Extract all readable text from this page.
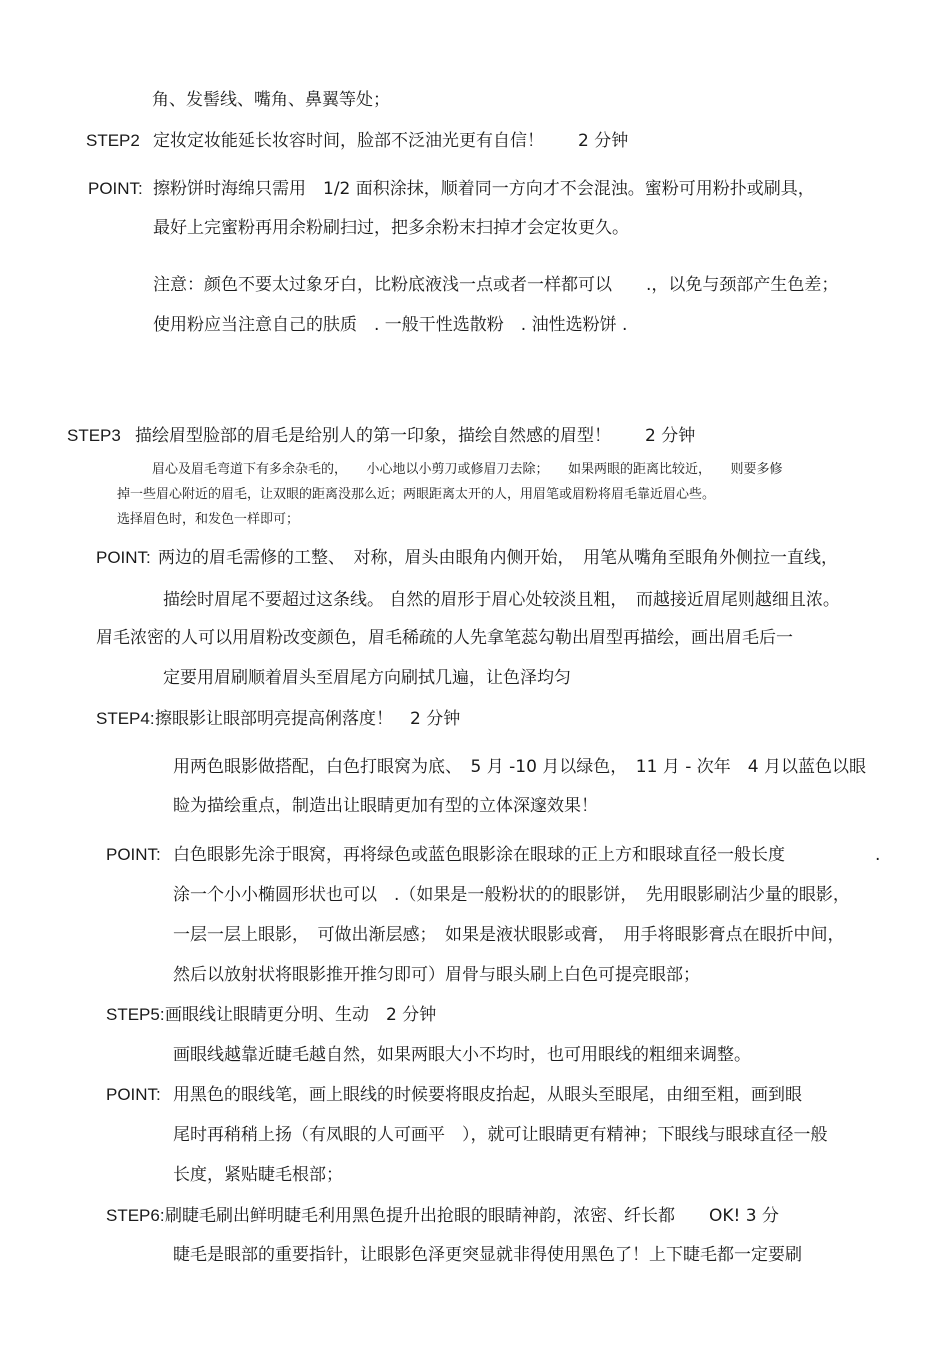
角、发髻线、嘴角、鼻翼等处；
STEP2 定妆定妆能延长妆容时间，脸部不泛油光更有自信！　　2 分钟
POINT: 擦粉饼时海绵只需用　1/2 面积涂抹，顺着同一方向才不会混浊。蜜粉可用粉扑或刷具，
最好上完蜜粉再用余粉刷扫过，把多余粉末扫掉才会定妆更久。
注意：颜色不要太过象牙白，比粉底液浅一点或者一样都可以　　.，以免与颈部产生色差；
使用粉应当注意自己的肤质　. 一般干性选散粉　. 油性选粉饼 .
STEP3 描绘眉型脸部的眉毛是给别人的第一印象，描绘自然感的眉型！　　2 分钟
眉心及眉毛弯道下有多余杂毛的，　　小心地以小剪刀或修眉刀去除；　　如果两眼的距离比较近，　　则要多修
掉一些眉心附近的眉毛，让双眼的距离没那么近；两眼距离太开的人，用眉笔或眉粉将眉毛靠近眉心些。
选择眉色时，和发色一样即可；
POINT: 两边的眉毛需修的工整、　对称，眉头由眼角内侧开始，　用笔从嘴角至眼角外侧拉一直线，
描绘时眉尾不要超过这条线。 自然的眉形于眉心处较淡且粗，　而越接近眉尾则越细且浓。
眉毛浓密的人可以用眉粉改变颜色，眉毛稀疏的人先拿笔蕊勾勒出眉型再描绘，画出眉毛后一
定要用眉刷顺着眉头至眉尾方向刷拭几遍，让色泽均匀
STEP4: 擦眼影让眼部明亮提高俐落度！　2 分钟
用两色眼影做搭配，白色打眼窝为底、　5 月 -10 月以绿色，　11 月 - 次年　4 月以蓝色以眼
睑为描绘重点，制造出让眼睛更加有型的立体深邃效果！
POINT: 白色眼影先涂于眼窝，再将绿色或蓝色眼影涂在眼球的正上方和眼球直径一般长度	.
涂一个小小椭圆形状也可以　.（如果是一般粉状的的眼影饼，　先用眼影刷沾少量的眼影，
一层一层上眼影，　可做出渐层感；　如果是液状眼影或膏，　用手将眼影膏点在眼折中间，
然后以放射状将眼影推开推匀即可）眉骨与眼头刷上白色可提亮眼部；
STEP5: 画眼线让眼睛更分明、生动　2 分钟
画眼线越靠近睫毛越自然，如果两眼大小不均时，也可用眼线的粗细来调整。
POINT: 用黑色的眼线笔，画上眼线的时候要将眼皮抬起，从眼头至眼尾，由细至粗，画到眼
尾时再稍稍上扬（有凤眼的人可画平　），就可让眼睛更有精神；下眼线与眼球直径一般
长度，紧贴睫毛根部；
STEP6: 刷睫毛刷出鲜明睫毛利用黑色提升出抢眼的眼睛神韵，浓密、纤长都　　OK! 3 分
睫毛是眼部的重要指针，让眼影色泽更突显就非得使用黑色了！上下睫毛都一定要刷
